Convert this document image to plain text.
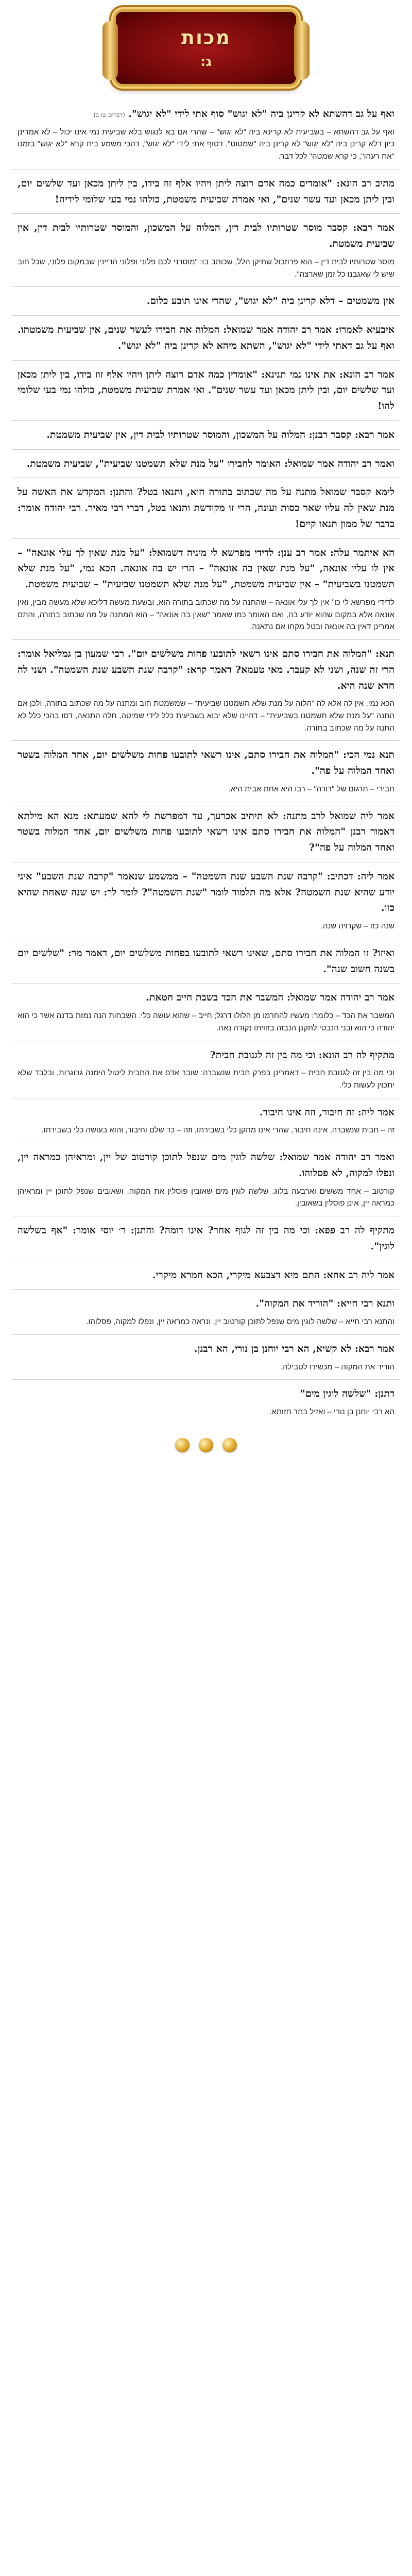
מכות
ג:

ואף על גב דהשתא לא קרינן ביה "לא יגוש" סוף אתי לידי "לא יגוש". (דברים טו ב)

ואף על גב דהשתא – בשביעית לא קרינא ביה "לא יגוש" – שהרי אם בא לנגוש בלא שביעית נמי אינו יכול – לא אמרינן כיון דלא קרינן ביה "לא יגוש" לא קרינן ביה "שמטוט", דסוף אתי לידי "לא יגוש", דהכי משמע בית קרא "לא יגוש" בזמנו "את רעהו", כי קרא שמטה" לכל דבר.

מתיב רב הונא: "אומדים כמה אדם רוצה ליתן ויהיו אלף זוז בידו, בין ליתן מכאן ועד שלשים יום, ובין ליתן מכאן ועד עשר שנים", ואי אמרת שביעית משמטת, כולהו נמי בעי שלומי לידיה!

אמר רבא: קסבר מוסר שטרותיו לבית דין, המלוה על המשכון, והמוסר שטרותיו לבית דין, אין שביעית משמטת.

מוסר שטרותיו לבית דין – הוא פרוזבול שתיקן הלל, שכותב בו: "מוסרני לכם פלוני ופלוני הדיינין שבמקום פלוני, שכל חוב שיש לי שאגבנו כל זמן שארצה".

אין משמטים – דלא קרינן ביה "לא יגוש", שהרי אינו תובע כלום.

איבעיא לאמרו: אמר רב יהודה אמר שמואל: המלוה את חבירו לעשר שנים, אין שביעית משמטתו. ואף על גב דאתי לידי "לא יגוש", השתא מיהא לא קרינן ביה "לא יגוש".

אמר רב הונא: את אינו נמי תנינא: "אומדין כמה אדם רוצה ליתן ויהיו אלף זוז בידו, בין ליתן מכאן ועד שלשים יום, ובין ליתן מכאן ועד עשר שנים". ואי אמרת שביעית משמטת, כולהו נמי בעי שלומי להו!

אמר רבא: קסבר רבנן: המלוה על המשכון, והמוסר שטרותיו לבית דין, אין שביעית משמטת.

ואמר רב יהודה אמר שמואל: האומר לחבירו "על מנת שלא תשמטנו שביעית", שביעית משמטת.

לימא קסבר שמואל מתנה על מה שכתוב בתורה הוא, ותנאו בטל? והתנן: המקדש את האשה על מנת שאין לה עליו שאר כסות ועונה, הרי זו מקודשת ותנאו בטל, דברי רבי מאיר. רבי יהודה אומר: בדבר של ממון תנאו קיים!

הא איתמר עלה: אמר רב ענן: לדידי מפרשא לי מיניה דשמואל: "על מנת שאין לך עלי אונאה" – אין לו עליו אונאה, "על מנת שאין בה אונאה" – הרי יש בה אונאה. הכא נמי, "על מנת שלא תשמטנו בשביעית" – אין שביעית משמטת, "על מנת שלא תשמטנו שביעית" – שביעית משמטת.

לדידי מפרשא לי כו׳ אין לך עלי אונאה – שהתנה על מה שכתוב בתורה הוא, ובשעת מעשה דליכא שלא מעשה מבין, ואין אונאה אלא במקום שהוא יודע בה, ואם האומר כמו שאמר "שאין בה אונאה" – הוא המתנה על מה שכתוב בתורה, והתם אמרינן דאין בה אונאה ובטל מקחו אם נתאנה.

תנא: "המלוה את חבירו סתם אינו רשאי לתובעו פחות משלשים יום". רבי שמעון בן גמליאל אומר: הרי זה שנה, ושני לא קעבר. מאי טעמא? דאמר קרא: "קרבה שנת השבע שנת השמטה". ושני לה חדא שנה היא.

הכא נמי, אין לה אלא לה "הלוה על מנת שלא תשמטנו שביעית" – שמשמטת חוב ומתנה על מה שכתוב בתורה, ולכן אם התנה "על מנת שלא תשמטנו בשביעית" – דהיינו שלא יבוא בשביעית כלל לידי שמיטה, חלה התנאה, דסו בהכי כלל לא התנה על מה שכתוב בתורה.

תנא נמי הכי: "המלוה את חבירו סתם, אינו רשאי לתובעו פחות משלשים יום, אחד המלוה בשטר ואחד המלוה על פה".

חבירי – תרגום של "רודה" – רבו היא אחת אבית היא.

אמר ליה שמואל לרב מתנה: לא תיתיב אכרעך, עד דמפרשת לי להא שמעתא: מנא הא מילתא דאמור רבנן "המלוה את חבירו סתם אינו רשאי לתובעו פחות משלשים יום, אחד המלוה בשטר ואחד המלוה על פה"?

אמר ליה: דכתיב: "קרבה שנת השבע שנת השמטה" – ממשמע שנאמר "קרבה שנת השבע" איני יודע שהיא שנת השמטה? אלא מה תלמוד לומר "שנת השמטה"? לומר לך: יש שנה שאחת שהיא כזו.

שנה כזו – שקרויה שנה.

ואיזו? זו המלוה את חבירו סתם, שאינו רשאי לתובעו בפחות משלשים יום, דאמר מר: "שלשים יום בשנה חשוב שנה".

אמר רב יהודה אמר שמואל: המשבר את הכד בשבת חייב חטאת.

המשבר את הכד – כלומר: מעשיו להחרמו מן הלולו דרגל; חייב – שהוא עושה כלי. השבחות הנה נמזת בדנה אשר כי הוא יהודה כי הוא ובני הנבטי לתקנן הנבזה בזוויתו נקודה נאה.

מתקיף לה רב הונא: וכי מה בין זה לגנובת חבית?

וכי מה בין זה לגנובת חבית – דאמרינן בפרק חבית שנשברה: שובר אדם את החבית ליטול הימנה גרוגרות, ובלבד שלא יתכוין לעשות כלי.

אמר ליה: זה חיבור, וזה אינו חיבור.

זה – חבית שנשברה, אינה חיבור, שהרי אינו מתקן כלי בשבירתו, וזה – כד שלם וחיבור, והוא בעושה כלי בשבירתו.

ואמר רב יהודה אמר שמואל: שלשה לוגין מים שנפל לתוכן קורטוב של יין, ומראיהן כמראה יין, ונפלו למקוה, לא פסלוהו.

קורטוב – אחד מששים וארבעה בלוג. שלשה לוגין מים שאובין פוסלין את המקוה, ושאובים שנפל לתוכן יין ומראיהן כמראה יין, אינן פוסלין בשאובין.

מתקיף לה רב פפא: וכי מה בין זה לגוף אחר? אינו דומה? והתנן: ר׳ יוסי אומר: "אף בשלשה לוגין".

אמר ליה רב אחא: התם מיא דצבעא מיקרי, הכא חמרא מיקרי.

ותנא רבי חייא: "הוריד את המקוה".

והתנא רבי חייא – שלשה לוגין מים שנפל לתוכן קורטוב יין, ונראה כמראה יין, ונפלו למקוה, פסלוהו.

אמר רבא: לא קשיא, הא רבי יוחנן בן נורי, הא רבנן.

הוריד את המקוה – מכשירו לטבילה.

דתנן: "שלשה לוגין מים"

הא רבי יוחנן בן נורי – ואזיל בתר חזותא.
